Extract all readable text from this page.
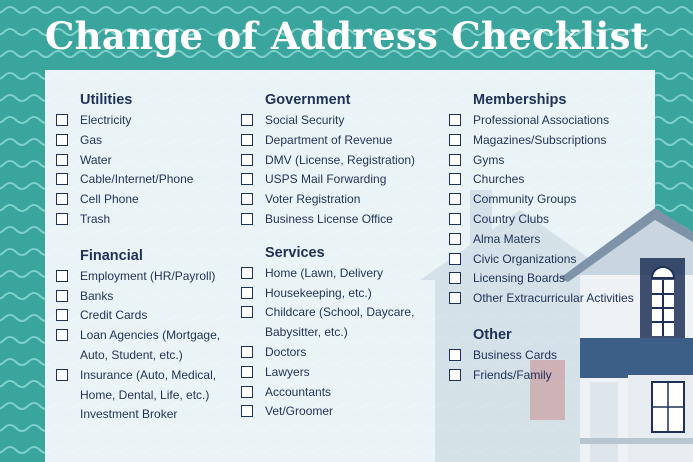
Change of Address Checklist
Utilities
Electricity
Gas
Water
Cable/Internet/Phone
Cell Phone
Trash
Financial
Employment (HR/Payroll)
Banks
Credit Cards
Loan Agencies (Mortgage,
Auto, Student, etc.)
Insurance (Auto, Medical,
Home, Dental, Life, etc.)
Investment Broker
Government
Social Security
Department of Revenue
DMV (License, Registration)
USPS Mail Forwarding
Voter Registration
Business License Office
Services
Home (Lawn, Delivery
Housekeeping, etc.)
Childcare (School, Daycare,
Babysitter, etc.)
Doctors
Lawyers
Accountants
Vet/Groomer
Memberships
Professional Associations
Magazines/Subscriptions
Gyms
Churches
Community Groups
Country Clubs
Alma Maters
Civic Organizations
Licensing Boards
Other Extracurricular Activities
Other
Business Cards
Friends/Family
